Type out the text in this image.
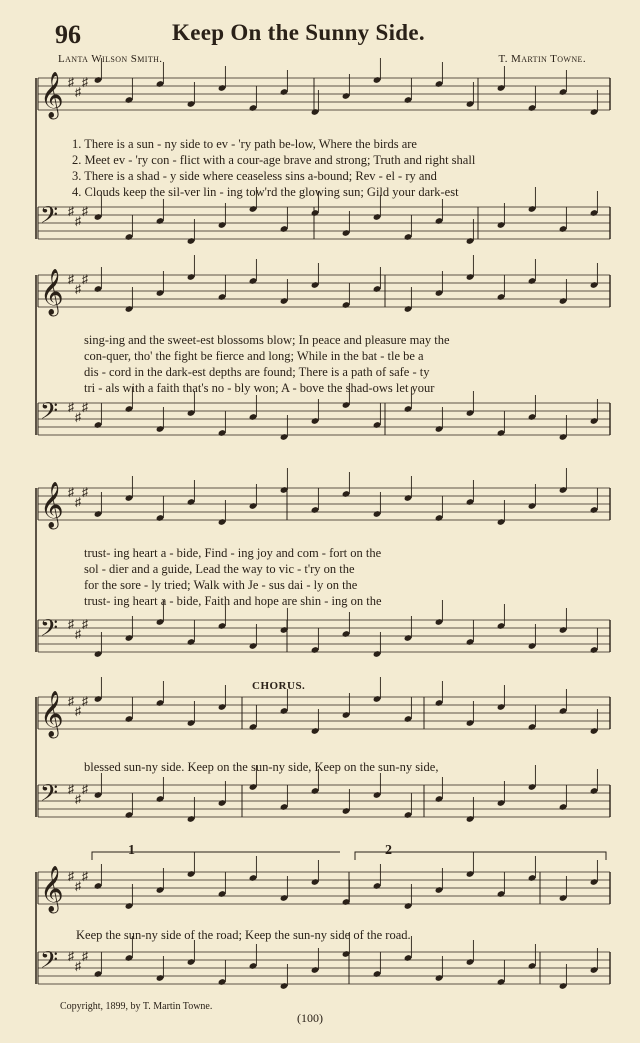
96	Keep On the Sunny Side.
Lanta Wilson Smith.	T. Martin Towne.
𝄞 ♯
♯
♯
𝄢 ♯
♯
♯
𝄞 ♯
♯
♯
𝄢 ♯
♯
♯
𝄞 ♯
♯
♯
𝄢 ♯
♯
♯
𝄞 ♯
♯
♯
𝄢 ♯
♯
♯
𝄞 ♯
♯
♯
𝄢 ♯
♯
♯
1. There is a sun - ny side to ev - 'ry path be-low, Where the birds are
2. Meet ev - 'ry con - flict with a cour-age brave and strong; Truth and right shall
3. There is a shad - y side where ceaseless sins a-bound; Rev - el - ry and
4. Clouds keep the sil-ver lin - ing tow'rd the glowing sun; Gild your dark-est
sing-ing and the sweet-est blossoms blow; In peace and pleasure may the
con-quer, tho' the fight be fierce and long; While in the bat - tle be a
dis - cord in the dark-est depths are found; There is a path of safe - ty
tri - als with a faith that's no - bly won; A - bove the shad-ows let your
trust- ing heart a - bide, Find - ing joy and com - fort on the
sol - dier and a guide, Lead the way to vic - t'ry on the
for the sore - ly tried; Walk with Je - sus dai - ly on the
trust- ing heart a - bide, Faith and hope are shin - ing on the
CHORUS.
blessed sun-ny side. Keep on the sun-ny side, Keep on the sun-ny side,
1	2
Keep the sun-ny side of the road; Keep the sun-ny side of the road.
Copyright, 1899, by T. Martin Towne.
(100)
